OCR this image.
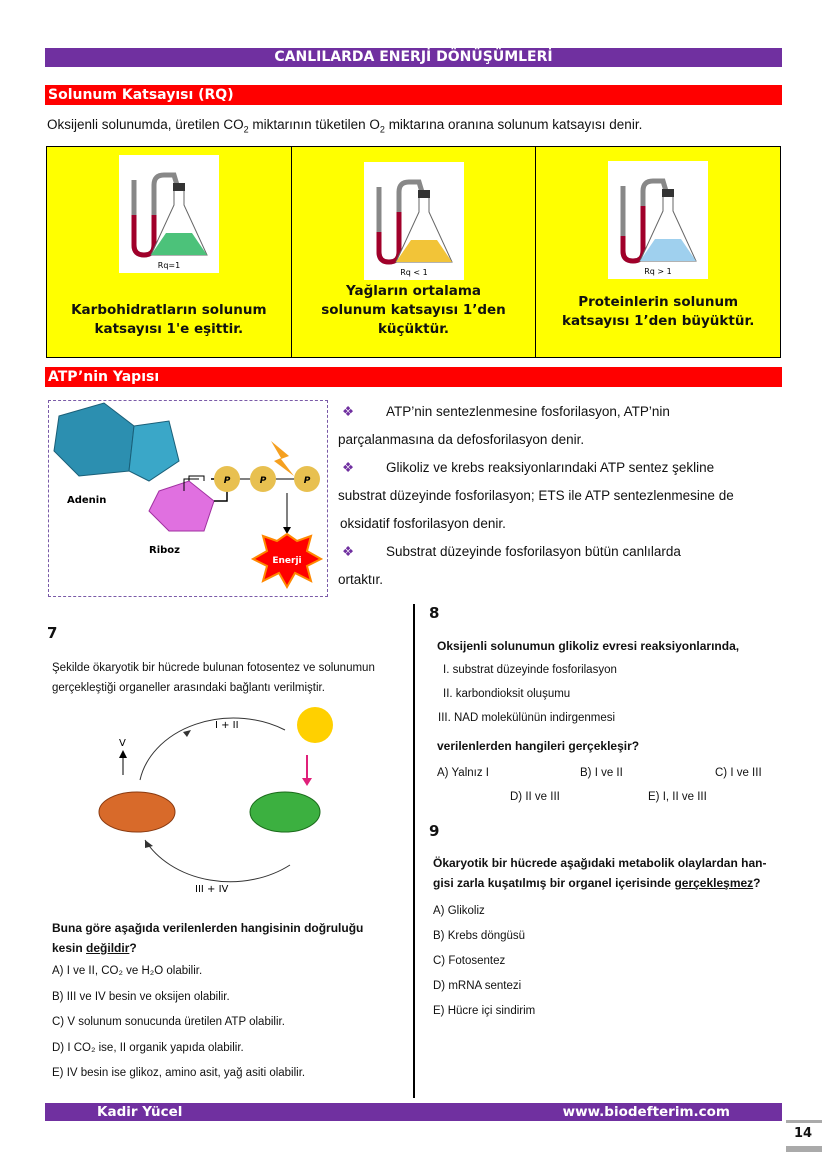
CANLILARDA ENERJİ DÖNÜŞÜMLERİ
Solunum Katsayısı (RQ)
Oksijenli solunumda, üretilen $CO_2$ miktarının tüketilen $O_2$ miktarına oranına solunum katsayısı denir.
Rq=1
Karbohidratların solunum katsayısı 1'e eşittir.
Rq < 1
Yağların ortalama solunum katsayısı 1’den küçüktür.
Rq > 1
Proteinlerin solunum katsayısı 1’den büyüktür.
ATP’nin Yapısı
P	P	P
Adenin
Riboz
Enerji
❖ ATP’nin sentezlenmesine fosforilasyon, ATP’nin
parçalanmasına da defosforilasyon denir.
❖ Glikoliz ve krebs reaksiyonlarındaki ATP sentez şekline
substrat düzeyinde fosforilasyon; ETS ile ATP sentezlenmesine de oksidatif fosforilasyon denir.
❖ Substrat düzeyinde fosforilasyon bütün canlılarda
ortaktır.
7
Şekilde ökaryotik bir hücrede bulunan fotosentez ve solunumun gerçekleştiği organeller arasındaki bağlantı verilmiştir.
I + II
III + IV
V
Buna göre aşağıda verilenlerden hangisinin doğruluğu kesin değildir?
A) I ve II, CO₂ ve H₂O olabilir.
B) III ve IV besin ve oksijen olabilir.
C) V solunum sonucunda üretilen ATP olabilir.
D) I CO₂ ise, II organik yapıda olabilir.
E) IV besin ise glikoz, amino asit, yağ asiti olabilir.
8
Oksijenli solunumun glikoliz evresi reaksiyonlarında,
I. substrat düzeyinde fosforilasyon
II. karbondioksit oluşumu
III. NAD molekülünün indirgenmesi
verilenlerden hangileri gerçekleşir?
A) Yalnız I	B) I ve II	C) I ve III
D) II ve III	E) I, II ve III
9
Ökaryotik bir hücrede aşağıdaki metabolik olaylardan han-
gisi zarla kuşatılmış bir organel içerisinde gerçekleşmez?
A) Glikoliz
B) Krebs döngüsü
C) Fotosentez
D) mRNA sentezi
E) Hücre içi sindirim
Kadir Yücel	www.biodefterim.com
14
